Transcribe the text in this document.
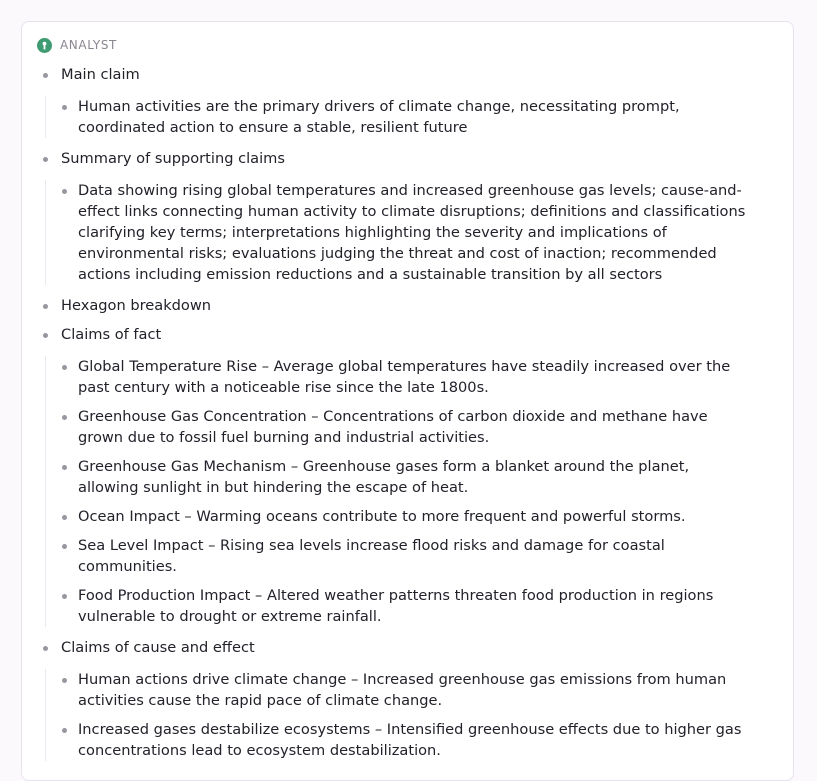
ANALYST
Main claim
Human activities are the primary drivers of climate change, necessitating prompt, coordinated action to ensure a stable, resilient future
Summary of supporting claims
Data showing rising global temperatures and increased greenhouse gas levels; cause-and-effect links connecting human activity to climate disruptions; definitions and classifications clarifying key terms; interpretations highlighting the severity and implications of environmental risks; evaluations judging the threat and cost of inaction; recommended actions including emission reductions and a sustainable transition by all sectors
Hexagon breakdown
Claims of fact
Global Temperature Rise – Average global temperatures have steadily increased over the past century with a noticeable rise since the late 1800s.
Greenhouse Gas Concentration – Concentrations of carbon dioxide and methane have grown due to fossil fuel burning and industrial activities.
Greenhouse Gas Mechanism – Greenhouse gases form a blanket around the planet, allowing sunlight in but hindering the escape of heat.
Ocean Impact – Warming oceans contribute to more frequent and powerful storms.
Sea Level Impact – Rising sea levels increase flood risks and damage for coastal communities.
Food Production Impact – Altered weather patterns threaten food production in regions vulnerable to drought or extreme rainfall.
Claims of cause and effect
Human actions drive climate change – Increased greenhouse gas emissions from human activities cause the rapid pace of climate change.
Increased gases destabilize ecosystems – Intensified greenhouse effects due to higher gas concentrations lead to ecosystem destabilization.
